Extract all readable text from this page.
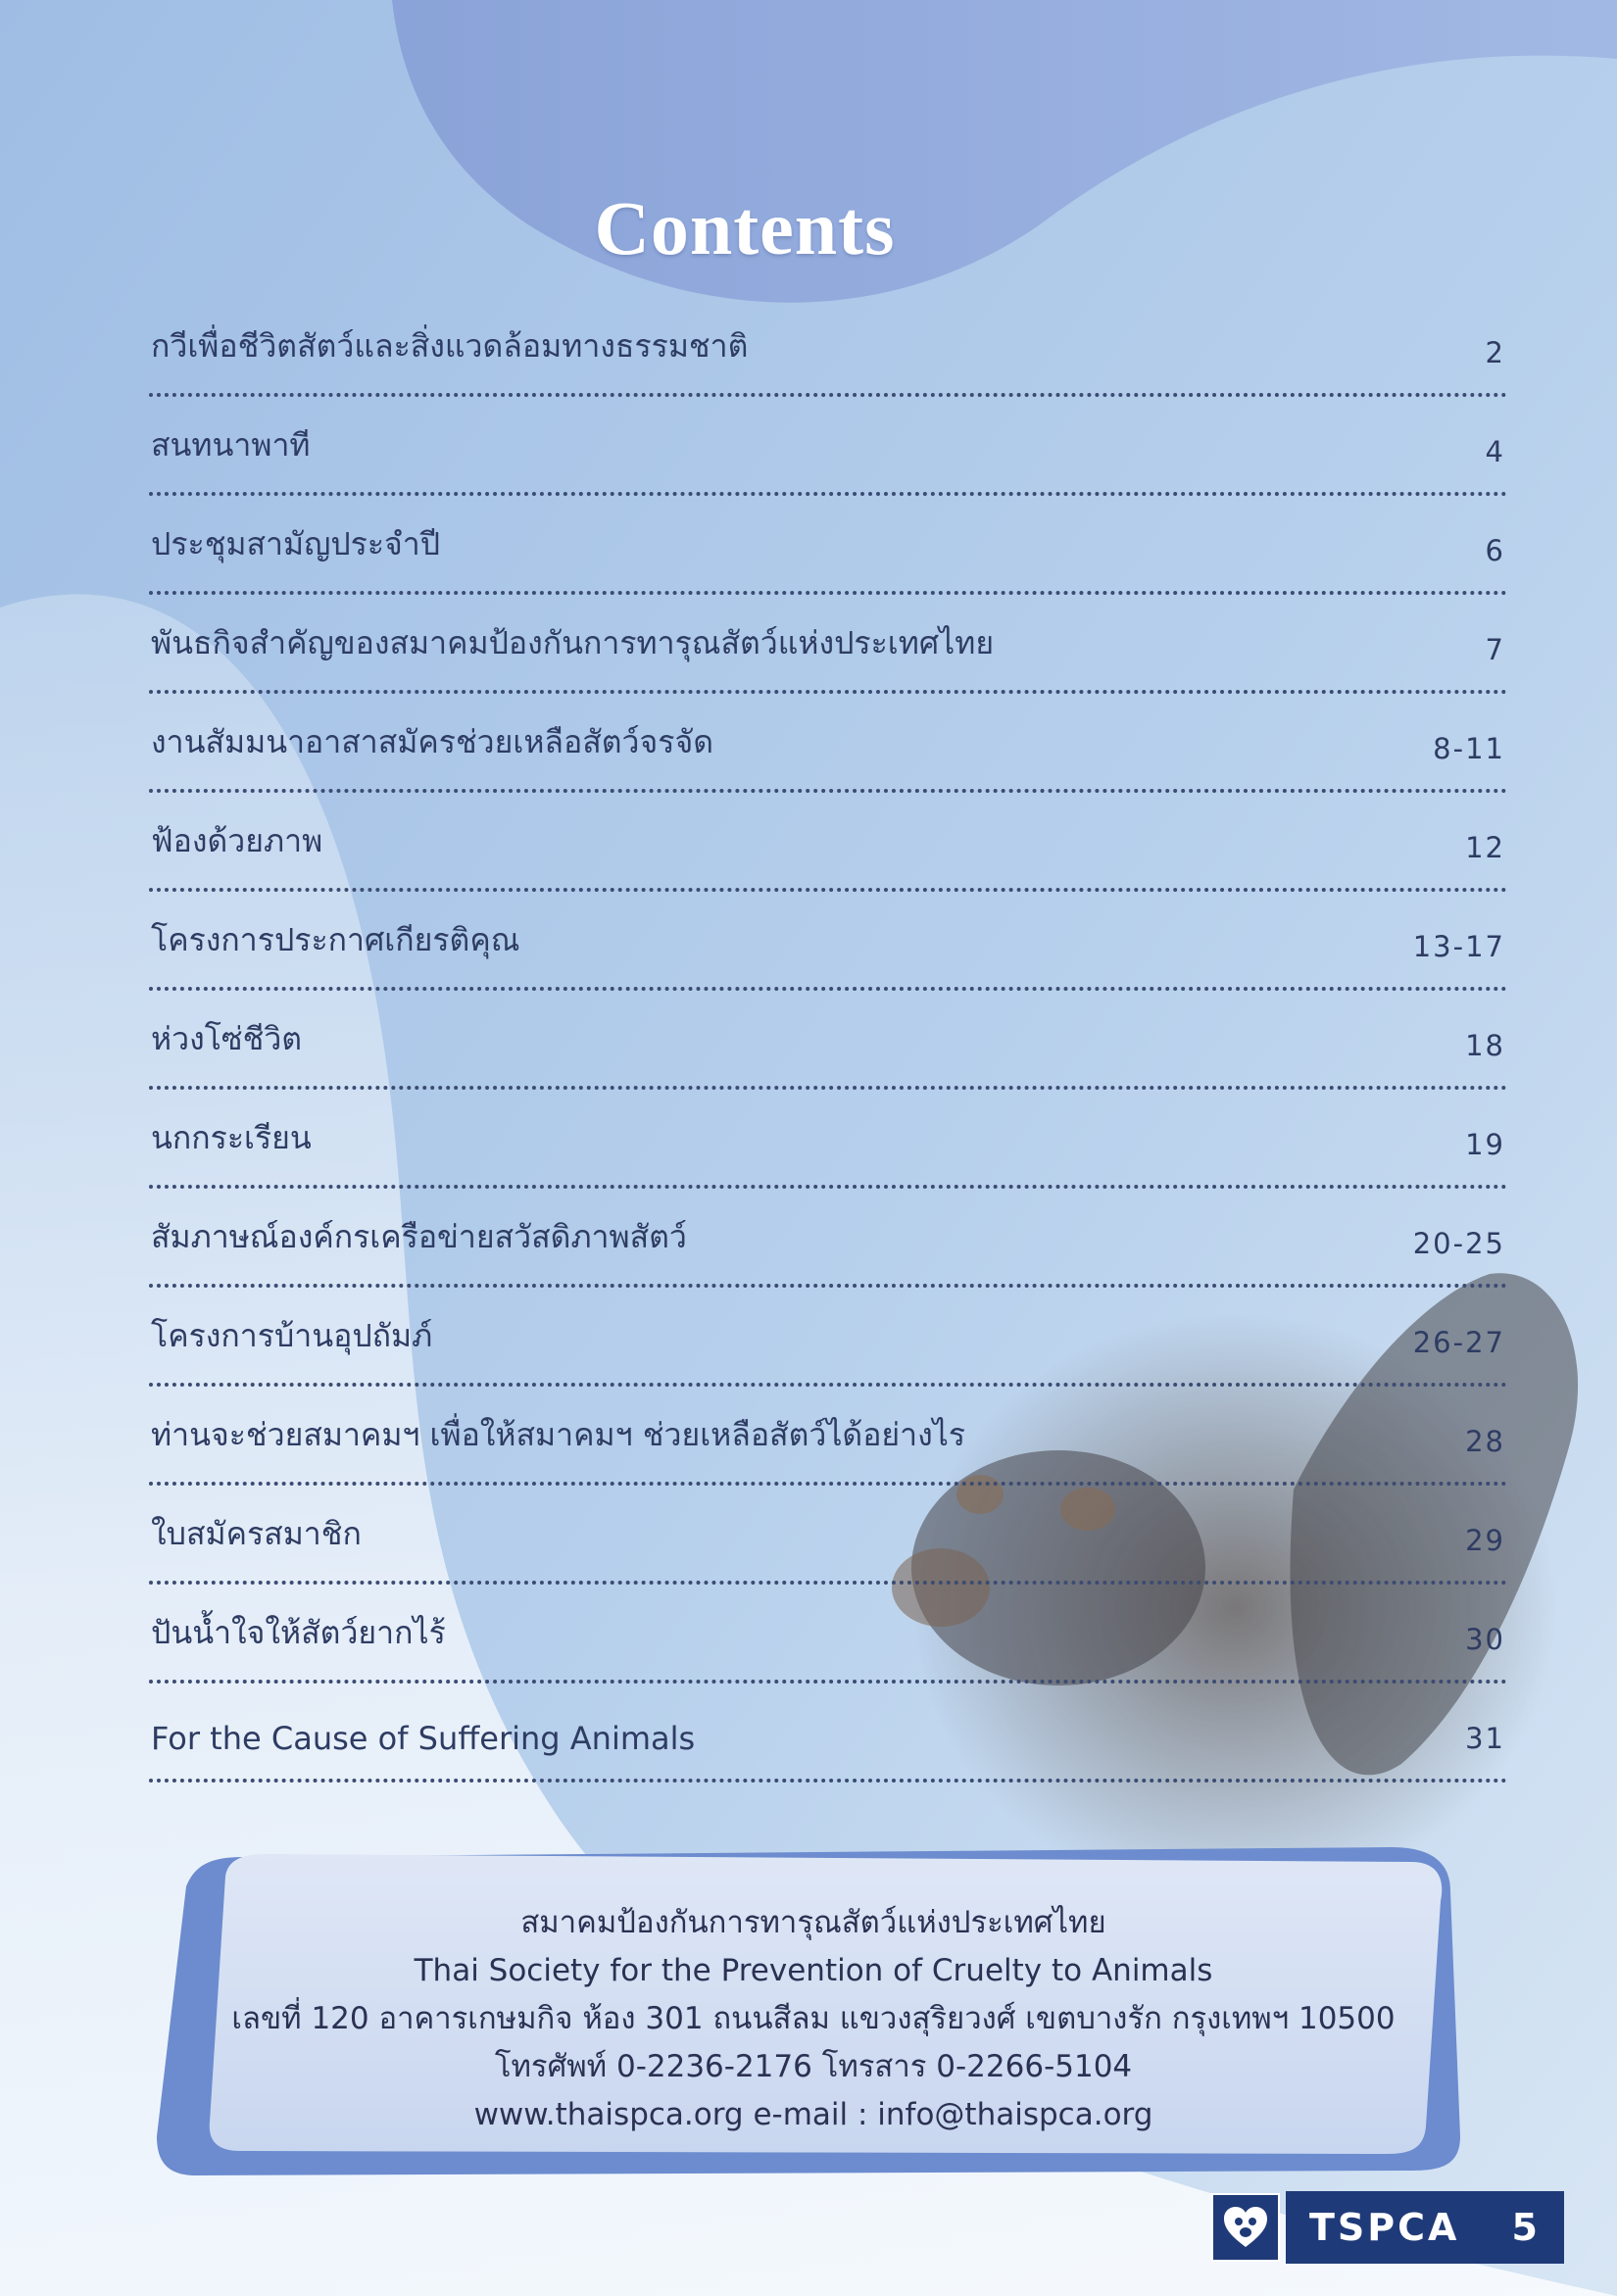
Contents
กวีเพื่อชีวิตสัตว์และสิ่งแวดล้อมทางธรรมชาติ	2
สนทนาพาที	4
ประชุมสามัญประจำปี	6
พันธกิจสำคัญของสมาคมป้องกันการทารุณสัตว์แห่งประเทศไทย	7
งานสัมมนาอาสาสมัครช่วยเหลือสัตว์จรจัด	8-11
ฟ้องด้วยภาพ	12
โครงการประกาศเกียรติคุณ	13-17
ห่วงโซ่ชีวิต	18
นกกระเรียน	19
สัมภาษณ์องค์กรเครือข่ายสวัสดิภาพสัตว์	20-25
โครงการบ้านอุปถัมภ์	26-27
ท่านจะช่วยสมาคมฯ เพื่อให้สมาคมฯ ช่วยเหลือสัตว์ได้อย่างไร	28
ใบสมัครสมาชิก	29
ปันน้ำใจให้สัตว์ยากไร้	30
For the Cause of Suffering Animals	31
สมาคมป้องกันการทารุณสัตว์แห่งประเทศไทย
Thai Society for the Prevention of Cruelty to Animals
เลขที่ 120 อาคารเกษมกิจ ห้อง 301 ถนนสีลม แขวงสุริยวงศ์ เขตบางรัก กรุงเทพฯ 10500
โทรศัพท์ 0-2236-2176 โทรสาร 0-2266-5104
www.thaispca.org e-mail : info@thaispca.org
TSPCA 5
